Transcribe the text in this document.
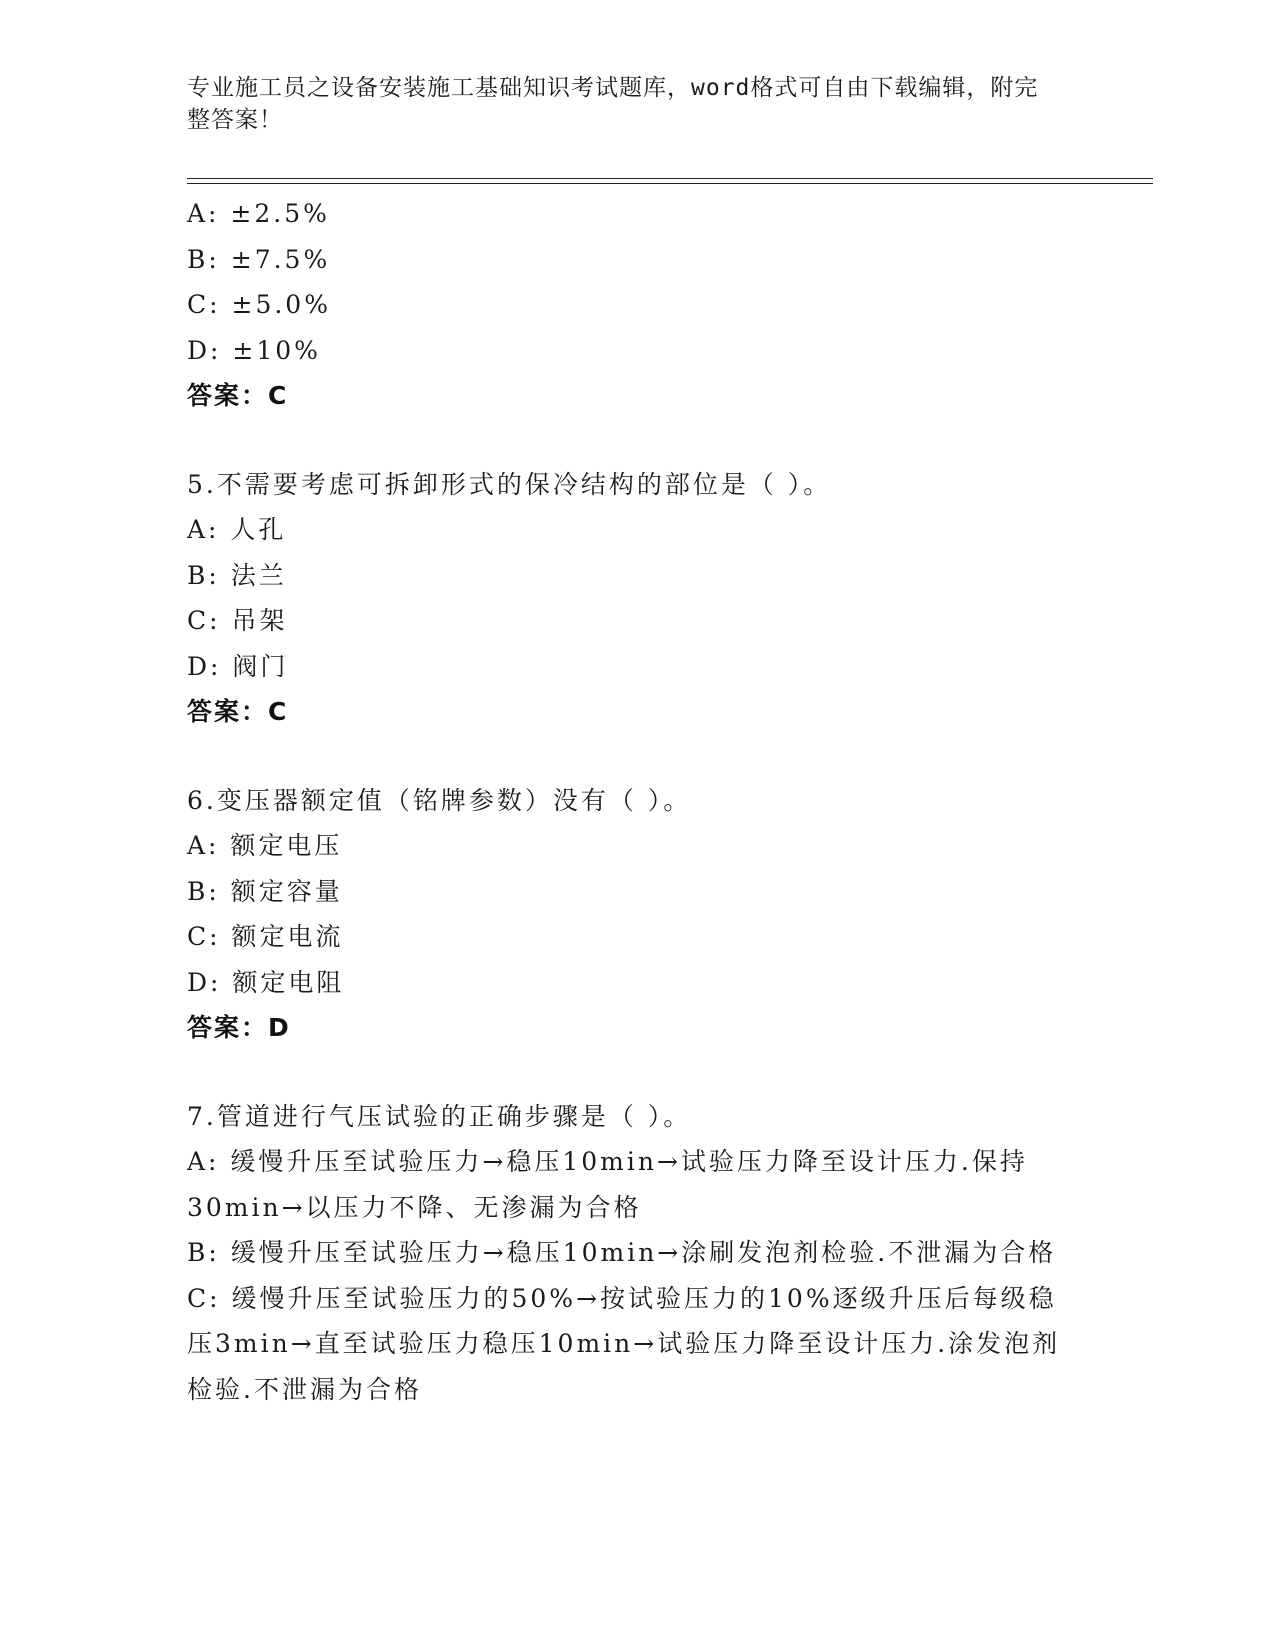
专业施工员之设备安装施工基础知识考试题库，word格式可自由下载编辑，附完
整答案！
A: ±2.5%
B: ±7.5%
C: ±5.0%
D: ±10%
答案：C
5.不需要考虑可拆卸形式的保冷结构的部位是（ ）。
A: 人孔
B: 法兰
C: 吊架
D: 阀门
答案：C
6.变压器额定值（铭牌参数）没有（ ）。
A: 额定电压
B: 额定容量
C: 额定电流
D: 额定电阻
答案：D
7.管道进行气压试验的正确步骤是（ ）。
A: 缓慢升压至试验压力→稳压10min→试验压力降至设计压力.保持
30min→以压力不降、无渗漏为合格
B: 缓慢升压至试验压力→稳压10min→涂刷发泡剂检验.不泄漏为合格
C: 缓慢升压至试验压力的50%→按试验压力的10%逐级升压后每级稳
压3min→直至试验压力稳压10min→试验压力降至设计压力.涂发泡剂
检验.不泄漏为合格
